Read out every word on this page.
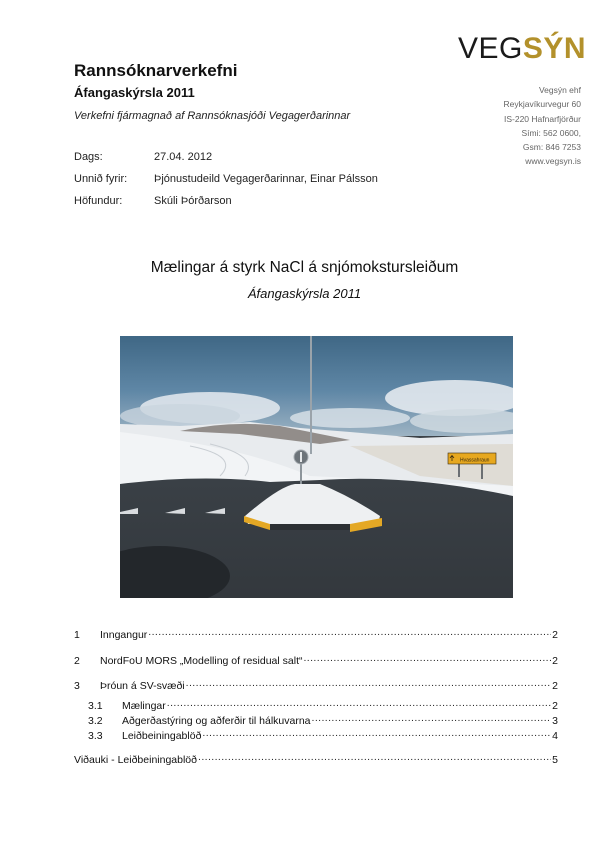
VEGSÝN
Vegsýn ehf
Reykjavíkurvegur 60
IS-220 Hafnarfjörður
Sími: 562 0600,
Gsm: 846 7253
www.vegsyn.is
Rannsóknarverkefni
Áfangaskýrsla 2011
Verkefni fjármagnað af Rannsóknasjóði Vegagerðarinnar
Dags:	27.04. 2012
Unnið fyrir:	Þjónustudeild Vegagerðarinnar, Einar Pálsson
Höfundur:	Skúli Þórðarson
Mælingar á styrk NaCl á snjómokstursleiðum
Áfangaskýrsla 2011
Hvassahraun
1	Inngangur .....	2
2	NordFoU MORS „Modelling of residual salt“ .....	2
3	Þróun á SV-svæði .....	2
3.1	Mælingar .....	2
3.2	Aðgerðastýring og aðferðir til hálkuvarna .....	3
3.3	Leiðbeiningablöð .....	4
Viðauki - Leiðbeiningablöð .....	5
